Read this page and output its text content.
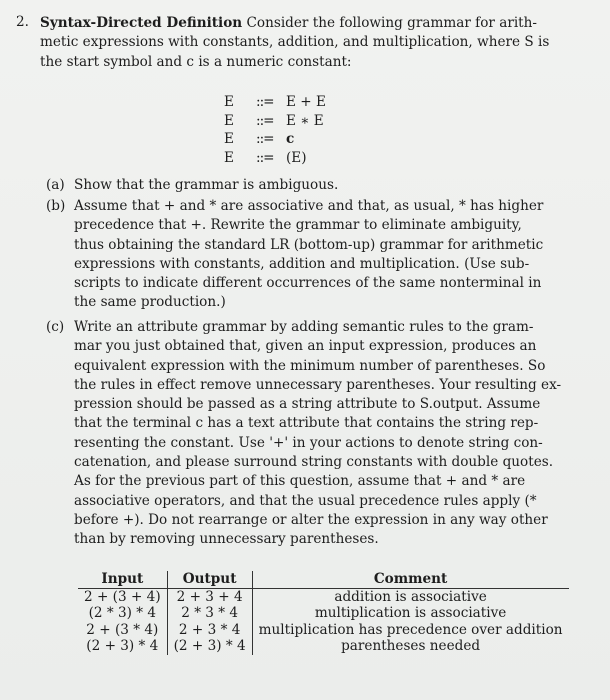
2. Syntax-Directed Definition Consider the following grammar for arith-
metic expressions with constants, addition, and multiplication, where S is
the start symbol and c is a numeric constant:
E	::= E + E
E	::= E ∗ E
E	::= c
E	::= (E)
(a) Show that the grammar is ambiguous.
(b) Assume that + and * are associative and that, as usual, * has higher
precedence that +. Rewrite the grammar to eliminate ambiguity,
thus obtaining the standard LR (bottom-up) grammar for arithmetic
expressions with constants, addition and multiplication. (Use sub-
scripts to indicate different occurrences of the same nonterminal in
the same production.)
(c) Write an attribute grammar by adding semantic rules to the gram-
mar you just obtained that, given an input expression, produces an
equivalent expression with the minimum number of parentheses. So
the rules in effect remove unnecessary parentheses. Your resulting ex-
pression should be passed as a string attribute to S.output. Assume
that the terminal c has a text attribute that contains the string rep-
resenting the constant. Use '+' in your actions to denote string con-
catenation, and please surround string constants with double quotes.
As for the previous part of this question, assume that + and * are
associative operators, and that the usual precedence rules apply (*
before +). Do not rearrange or alter the expression in any way other
than by removing unnecessary parentheses.
Input	Output	Comment
2 + (3 + 4)	2 + 3 + 4	addition is associative
(2 * 3) * 4	2 * 3 * 4	multiplication is associative
2 + (3 * 4)	2 + 3 * 4	multiplication has precedence over addition
(2 + 3) * 4	(2 + 3) * 4	parentheses needed
